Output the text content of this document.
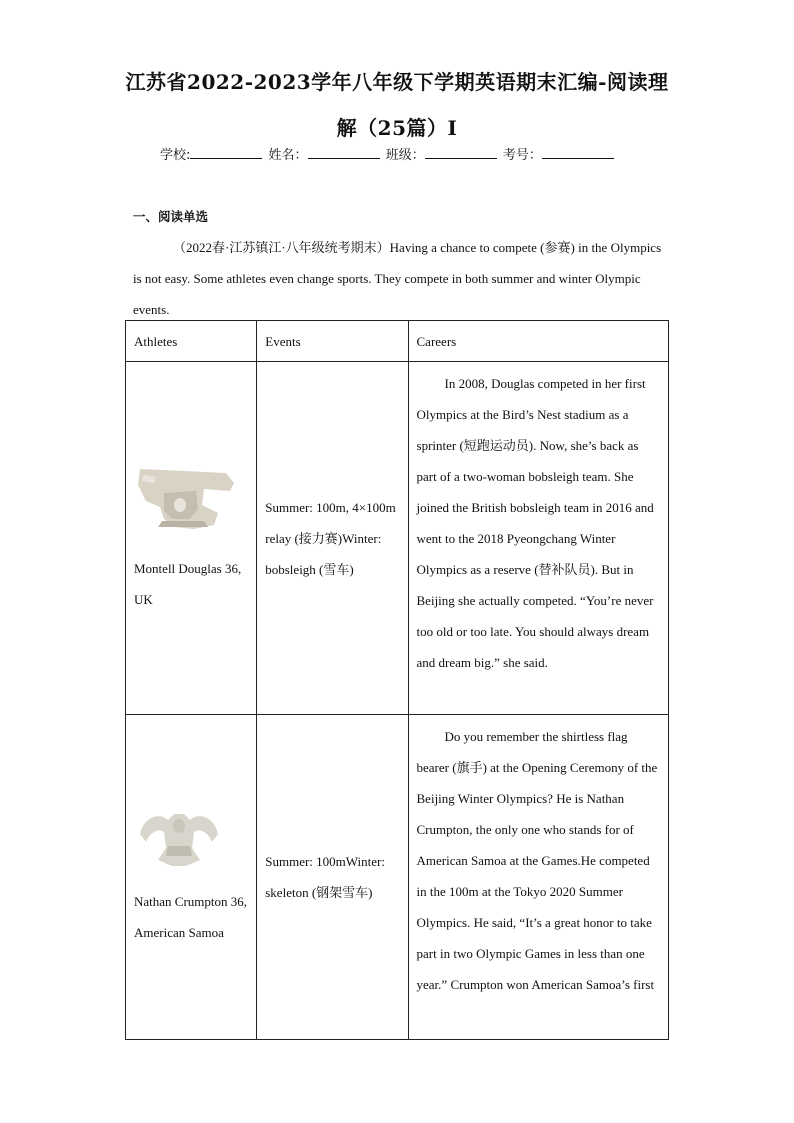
江苏省2022-2023学年八年级下学期英语期末汇编-阅读理
解（25篇）Ⅰ
学校:	姓名：	班级：	考号：
一、阅读单选
（2022春·江苏镇江·八年级统考期末）Having a chance to compete (参赛) in the Olympics is not easy. Some athletes even change sports. They compete in both summer and winter Olympic events.
Athletes	Events	Careers

Montell Douglas 36, UK	Summer: 100m, 4×100m relay (接力赛)Winter: bobsleigh (雪车)	In 2008, Douglas competed in her first Olympics at the Bird’s Nest stadium as a sprinter (短跑运动员). Now, she’s back as part of a two-woman bobsleigh team. She joined the British bobsleigh team in 2016 and went to the 2018 Pyeongchang Winter Olympics as a reserve (替补队员). But in Beijing she actually competed. “You’re never too old or too late. You should always dream and dream big.” she said.

Nathan Crumpton 36, American Samoa	Summer: 100mWinter: skeleton (钢架雪车)	Do you remember the shirtless flag bearer (旗手) at the Opening Ceremony of the Beijing Winter Olympics? He is Nathan Crumpton, the only one who stands for of American Samoa at the Games.He competed in the 100m at the Tokyo 2020 Summer Olympics. He said, “It’s a great honor to take part in two Olympic Games in less than one year.” Crumpton won American Samoa’s first
